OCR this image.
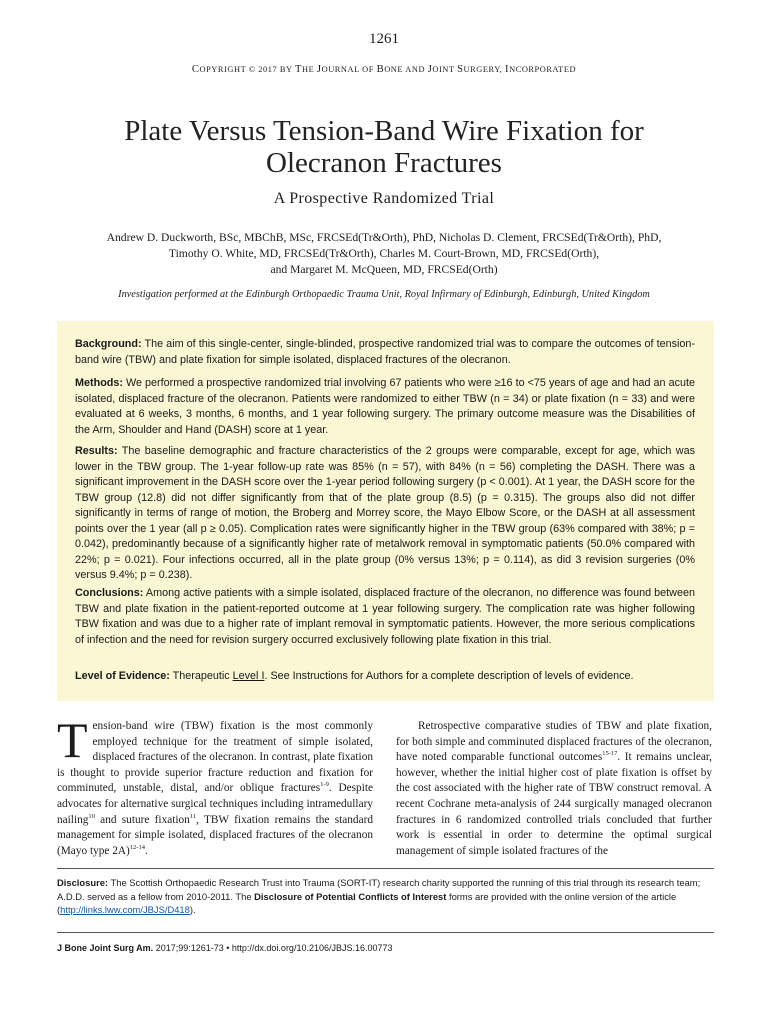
1261
COPYRIGHT © 2017 BY THE JOURNAL OF BONE AND JOINT SURGERY, INCORPORATED
Plate Versus Tension-Band Wire Fixation for
Olecranon Fractures
A Prospective Randomized Trial
Andrew D. Duckworth, BSc, MBChB, MSc, FRCSEd(Tr&Orth), PhD, Nicholas D. Clement, FRCSEd(Tr&Orth), PhD,
Timothy O. White, MD, FRCSEd(Tr&Orth), Charles M. Court-Brown, MD, FRCSEd(Orth),
and Margaret M. McQueen, MD, FRCSEd(Orth)
Investigation performed at the Edinburgh Orthopaedic Trauma Unit, Royal Infirmary of Edinburgh, Edinburgh, United Kingdom
Background: The aim of this single-center, single-blinded, prospective randomized trial was to compare the outcomes of tension-band wire (TBW) and plate fixation for simple isolated, displaced fractures of the olecranon.
Methods: We performed a prospective randomized trial involving 67 patients who were ≥16 to <75 years of age and had an acute isolated, displaced fracture of the olecranon. Patients were randomized to either TBW (n = 34) or plate fixation (n = 33) and were evaluated at 6 weeks, 3 months, 6 months, and 1 year following surgery. The primary outcome measure was the Disabilities of the Arm, Shoulder and Hand (DASH) score at 1 year.
Results: The baseline demographic and fracture characteristics of the 2 groups were comparable, except for age, which was lower in the TBW group. The 1-year follow-up rate was 85% (n = 57), with 84% (n = 56) completing the DASH. There was a significant improvement in the DASH score over the 1-year period following surgery (p < 0.001). At 1 year, the DASH score for the TBW group (12.8) did not differ significantly from that of the plate group (8.5) (p = 0.315). The groups also did not differ significantly in terms of range of motion, the Broberg and Morrey score, the Mayo Elbow Score, or the DASH at all assessment points over the 1 year (all p ≥ 0.05). Complication rates were significantly higher in the TBW group (63% compared with 38%; p = 0.042), predominantly because of a significantly higher rate of metalwork removal in symptomatic patients (50.0% compared with 22%; p = 0.021). Four infections occurred, all in the plate group (0% versus 13%; p = 0.114), as did 3 revision surgeries (0% versus 9.4%; p = 0.238).
Conclusions: Among active patients with a simple isolated, displaced fracture of the olecranon, no difference was found between TBW and plate fixation in the patient-reported outcome at 1 year following surgery. The complication rate was higher following TBW fixation and was due to a higher rate of implant removal in symptomatic patients. However, the more serious complications of infection and the need for revision surgery occurred exclusively following plate fixation in this trial.
Level of Evidence: Therapeutic Level I. See Instructions for Authors for a complete description of levels of evidence.
Tension-band wire (TBW) fixation is the most commonly employed technique for the treatment of simple isolated, displaced fractures of the olecranon. In contrast, plate fixation is thought to provide superior fracture reduction and fixation for comminuted, unstable, distal, and/or oblique fractures$^{1-9}$. Despite advocates for alternative surgical techniques including intramedullary nailing$^{10}$ and suture fixation$^{11}$, TBW fixation remains the standard management for simple isolated, displaced fractures of the olecranon (Mayo type 2A)$^{12-14}$.
Retrospective comparative studies of TBW and plate fixation, for both simple and comminuted displaced fractures of the olecranon, have noted comparable functional outcomes$^{15-17}$. It remains unclear, however, whether the initial higher cost of plate fixation is offset by the cost associated with the higher rate of TBW construct removal. A recent Cochrane meta-analysis of 244 surgically managed olecranon fractures in 6 randomized controlled trials concluded that further work is essential in order to determine the optimal surgical management of simple isolated fractures of the
Disclosure: The Scottish Orthopaedic Research Trust into Trauma (SORT-IT) research charity supported the running of this trial through its research team; A.D.D. served as a fellow from 2010-2011. The Disclosure of Potential Conflicts of Interest forms are provided with the online version of the article (http://links.lww.com/JBJS/D418).
J Bone Joint Surg Am. 2017;99:1261-73 • http://dx.doi.org/10.2106/JBJS.16.00773
